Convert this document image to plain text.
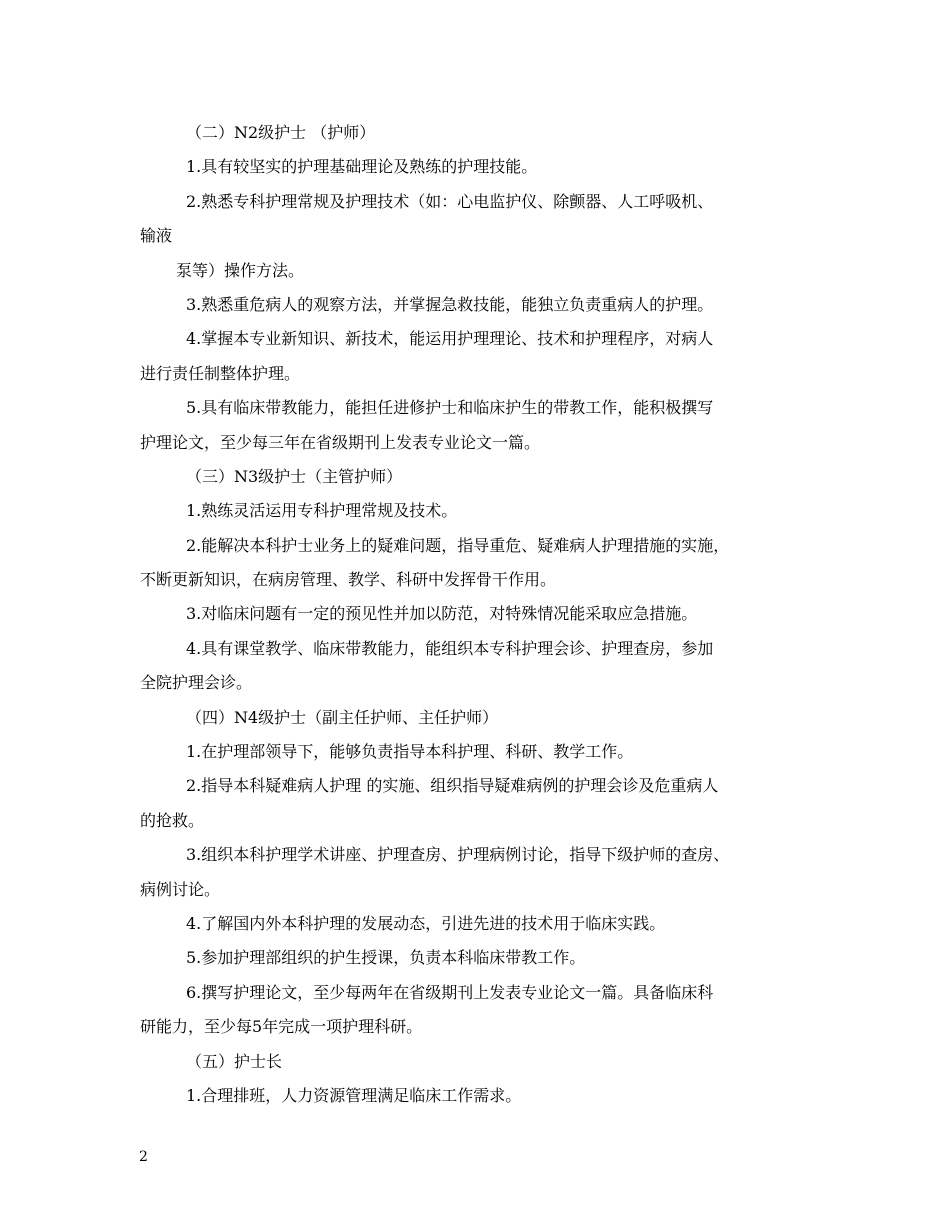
（二）N2级护士 （护师）
1.具有较坚实的护理基础理论及熟练的护理技能。
2.熟悉专科护理常规及护理技术（如：心电监护仪、除颤器、人工呼吸机、
输液
泵等）操作方法。
3.熟悉重危病人的观察方法，并掌握急救技能，能独立负责重病人的护理。
4.掌握本专业新知识、新技术，能运用护理理论、技术和护理程序，对病人
进行责任制整体护理。
5.具有临床带教能力，能担任进修护士和临床护生的带教工作，能积极撰写
护理论文，至少每三年在省级期刊上发表专业论文一篇。
（三）N3级护士（主管护师）
1.熟练灵活运用专科护理常规及技术。
2.能解决本科护士业务上的疑难问题，指导重危、疑难病人护理措施的实施，
不断更新知识，在病房管理、教学、科研中发挥骨干作用。
3.对临床问题有一定的预见性并加以防范，对特殊情况能采取应急措施。
4.具有课堂教学、临床带教能力，能组织本专科护理会诊、护理查房，参加
全院护理会诊。
（四）N4级护士（副主任护师、主任护师）
1.在护理部领导下，能够负责指导本科护理、科研、教学工作。
2.指导本科疑难病人护理 的实施、组织指导疑难病例的护理会诊及危重病人
的抢救。
3.组织本科护理学术讲座、护理查房、护理病例讨论，指导下级护师的查房、
病例讨论。
4.了解国内外本科护理的发展动态，引进先进的技术用于临床实践。
5.参加护理部组织的护生授课，负责本科临床带教工作。
6.撰写护理论文，至少每两年在省级期刊上发表专业论文一篇。具备临床科
研能力，至少每5年完成一项护理科研。
（五）护士长
1.合理排班，人力资源管理满足临床工作需求。
2
